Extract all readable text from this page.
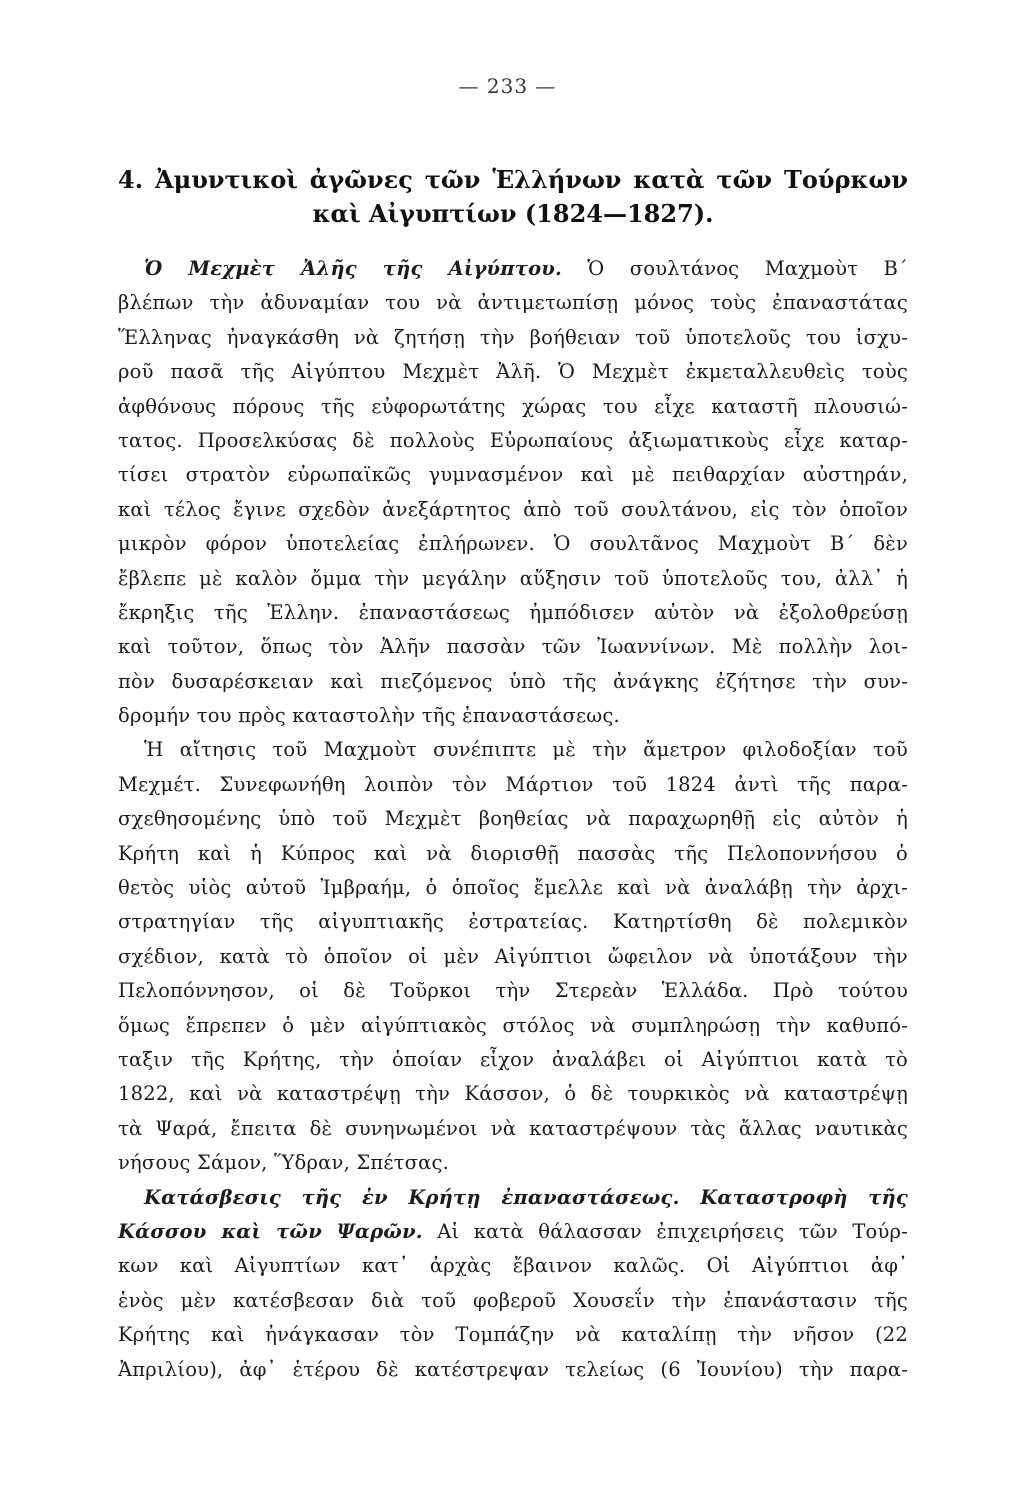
— 233 —
4. Ἀμυντικοὶ ἀγῶνες τῶν Ἑλλήνων κατὰ τῶν Τούρκων
καὶ Αἰγυπτίων (1824—1827).
Ὁ Μεχμὲτ Ἀλῆς τῆς Αἰγύπτου. Ὁ σουλτάνος Μαχμοὺτ Β´
βλέπων τὴν ἀδυναμίαν του νὰ ἀντιμετωπίσῃ μόνος τοὺς ἐπαναστάτας
Ἕλληνας ἠναγκάσθη νὰ ζητήσῃ τὴν βοήθειαν τοῦ ὑποτελοῦς του ἰσχυ-
ροῦ πασᾶ τῆς Αἰγύπτου Μεχμὲτ Ἀλῆ. Ὁ Μεχμὲτ ἐκμεταλλευθεὶς τοὺς
ἀφθόνους πόρους τῆς εὐφορωτάτης χώρας του εἶχε καταστῆ πλουσιώ-
τατος. Προσελκύσας δὲ πολλοὺς Εὐρωπαίους ἀξιωματικοὺς εἶχε καταρ-
τίσει στρατὸν εὐρωπαϊκῶς γυμνασμένον καὶ μὲ πειθαρχίαν αὐστηράν,
καὶ τέλος ἔγινε σχεδὸν ἀνεξάρτητος ἀπὸ τοῦ σουλτάνου, εἰς τὸν ὁποῖον
μικρὸν φόρον ὑποτελείας ἐπλήρωνεν. Ὁ σουλτᾶνος Μαχμοὺτ Β´ δὲν
ἔβλεπε μὲ καλὸν ὄμμα τὴν μεγάλην αὔξησιν τοῦ ὑποτελοῦς του, ἀλλ᾽ ἡ
ἔκρηξις τῆς Ἑλλην. ἐπαναστάσεως ἠμπόδισεν αὐτὸν νὰ ἐξολοθρεύσῃ
καὶ τοῦτον, ὅπως τὸν Ἀλῆν πασσὰν τῶν Ἰωαννίνων. Μὲ πολλὴν λοι-
πὸν δυσαρέσκειαν καὶ πιεζόμενος ὑπὸ τῆς ἀνάγκης ἐζήτησε τὴν συν-
δρομήν του πρὸς καταστολὴν τῆς ἐπαναστάσεως.
Ἡ αἴτησις τοῦ Μαχμοὺτ συνέπιπτε μὲ τὴν ἄμετρον φιλοδοξίαν τοῦ
Μεχμέτ. Συνεφωνήθη λοιπὸν τὸν Μάρτιον τοῦ 1824 ἀντὶ τῆς παρα-
σχεθησομένης ὑπὸ τοῦ Μεχμὲτ βοηθείας νὰ παραχωρηθῇ εἰς αὐτὸν ἡ
Κρήτη καὶ ἡ Κύπρος καὶ νὰ διορισθῇ πασσὰς τῆς Πελοποννήσου ὁ
θετὸς υἱὸς αὐτοῦ Ἰμβραήμ, ὁ ὁποῖος ἔμελλε καὶ νὰ ἀναλάβῃ τὴν ἀρχι-
στρατηγίαν τῆς αἰγυπτιακῆς ἐστρατείας. Κατηρτίσθη δὲ πολεμικὸν
σχέδιον, κατὰ τὸ ὁποῖον οἱ μὲν Αἰγύπτιοι ὤφειλον νὰ ὑποτάξουν τὴν
Πελοπόννησον, οἱ δὲ Τοῦρκοι τὴν Στερεὰν Ἑλλάδα. Πρὸ τούτου
ὅμως ἔπρεπεν ὁ μὲν αἰγύπτιακὸς στόλος νὰ συμπληρώσῃ τὴν καθυπό-
ταξιν τῆς Κρήτης, τὴν ὁποίαν εἶχον ἀναλάβει οἱ Αἰγύπτιοι κατὰ τὸ
1822, καὶ νὰ καταστρέψῃ τὴν Κάσσον, ὁ δὲ τουρκικὸς νὰ καταστρέψῃ
τὰ Ψαρά, ἔπειτα δὲ συνηνωμένοι νὰ καταστρέψουν τὰς ἄλλας ναυτικὰς
νήσους Σάμον, Ὕδραν, Σπέτσας.
Κατάσβεσις τῆς ἐν Κρήτῃ ἐπαναστάσεως. Καταστροφὴ τῆς
Κάσσου καὶ τῶν Ψαρῶν. Αἱ κατὰ θάλασσαν ἐπιχειρήσεις τῶν Τούρ-
κων καὶ Αἰγυπτίων κατ᾽ ἀρχὰς ἔβαινον καλῶς. Οἱ Αἰγύπτιοι ἀφ᾽
ἑνὸς μὲν κατέσβεσαν διὰ τοῦ φοβεροῦ Χουσεΐν τὴν ἐπανάστασιν τῆς
Κρήτης καὶ ἠνάγκασαν τὸν Τομπάζην νὰ καταλίπῃ τὴν νῆσον (22
Ἀπριλίου), ἀφ᾽ ἑτέρου δὲ κατέστρεψαν τελείως (6 Ἰουνίου) τὴν παρα-
